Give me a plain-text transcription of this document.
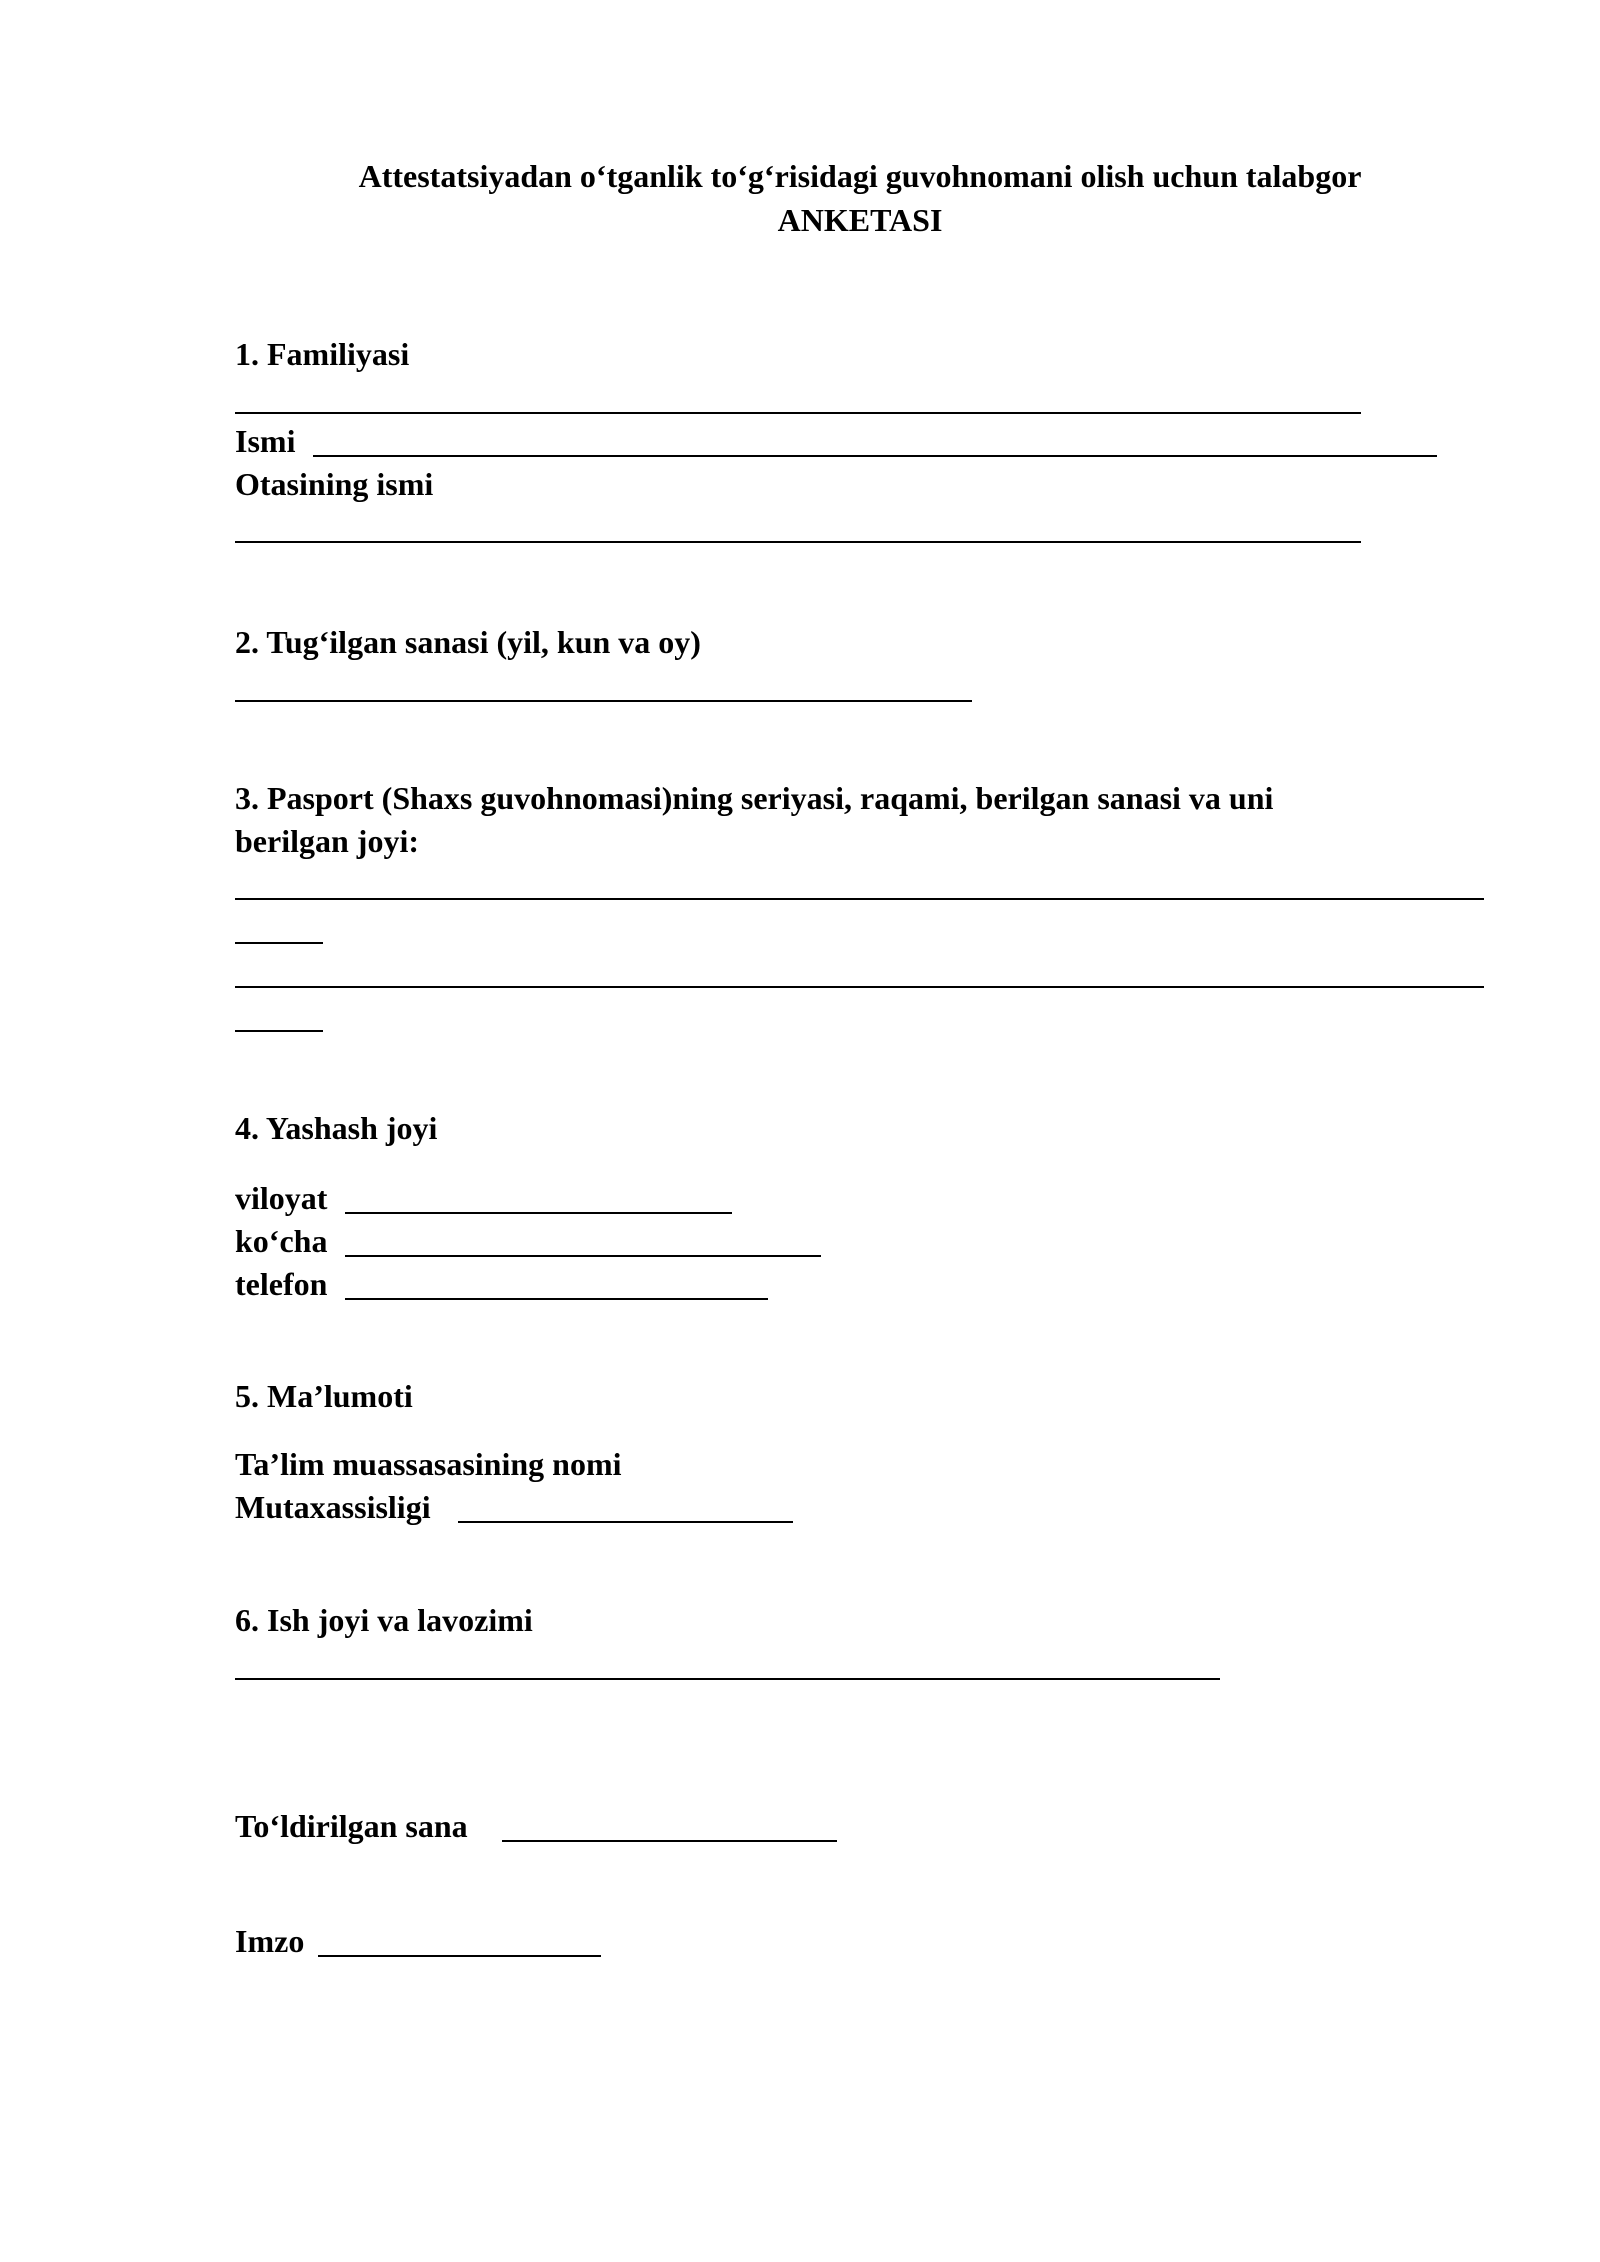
Attestatsiyadan o‘tganlik to‘g‘risidagi guvohnomani olish uchun talabgor
ANKETASI
1. Familiyasi
Ismi
Otasining ismi
2. Tug‘ilgan sanasi (yil, kun va oy)
3. Pasport (Shaxs guvohnomasi)ning seriyasi, raqami, berilgan sanasi va uni
berilgan joyi:
4. Yashash joyi
viloyat
ko‘cha
telefon
5. Ma’lumoti
Ta’lim muassasasining nomi
Mutaxassisligi
6. Ish joyi va lavozimi
To‘ldirilgan sana
Imzo
